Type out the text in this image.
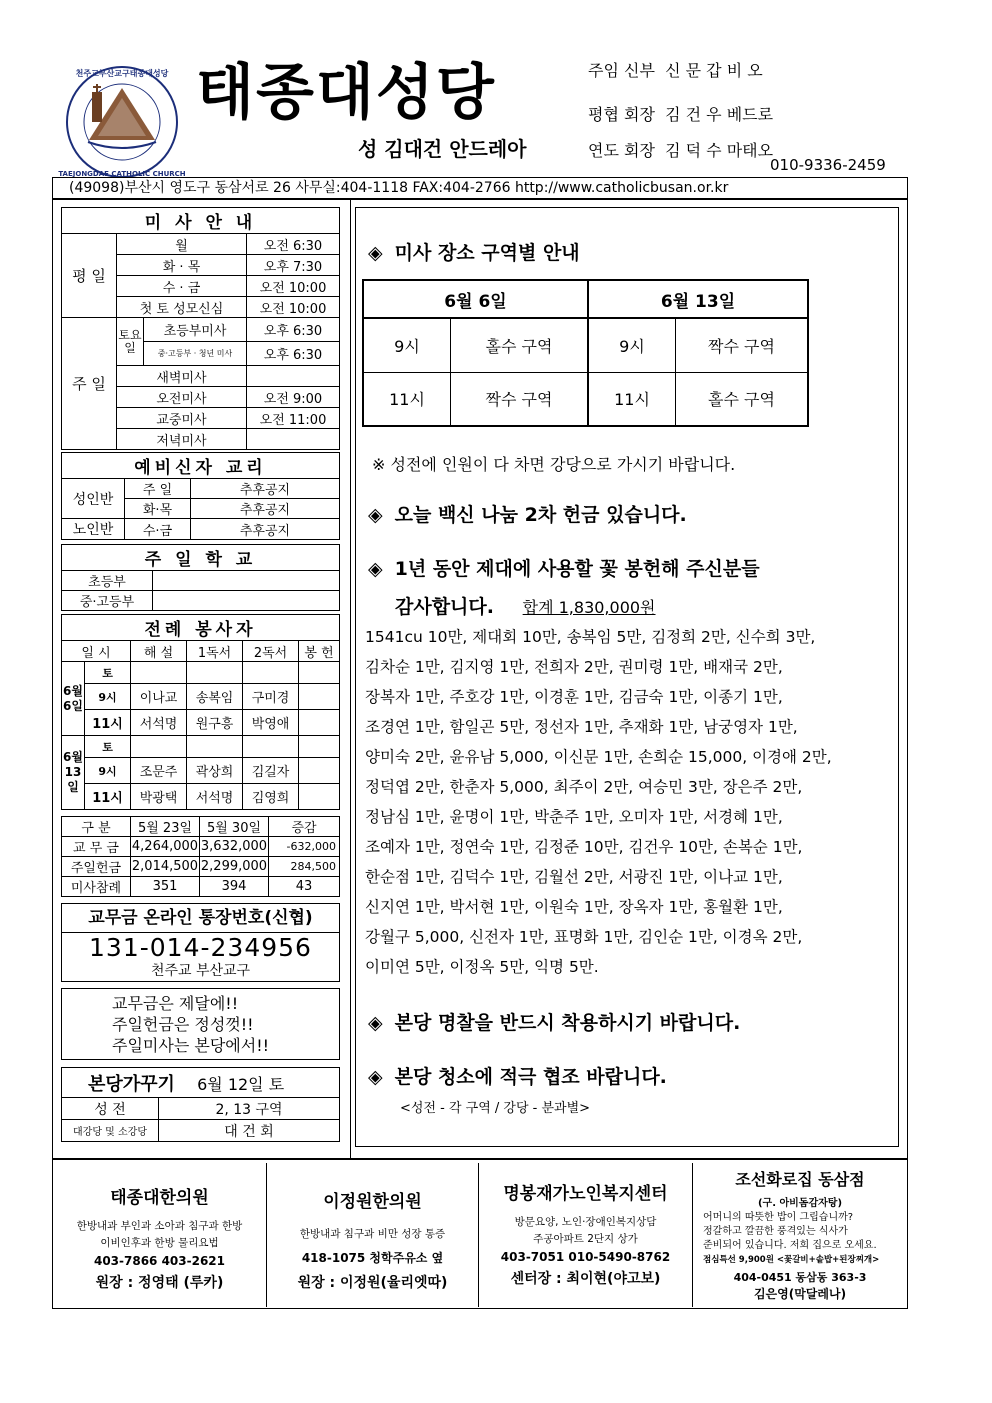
천주교부산교구태종대성당
TAEJONGDAE CATHOLIC CHURCH
태종대성당
성 김대건 안드레아
주임 신부 신 문 갑 비 오
평협 회장 김 건 우 베드로
연도 회장 김 덕 수 마태오
010-9336-2459
(49098)부산시 영도구 동삼서로 26 사무실:404-1118 FAX:404-2766 http://www.catholicbusan.or.kr
미 사 안 내			
평 일	월		오전 6:30
	화 · 목		오후 7:30
	수 · 금		오전 10:00
	첫 토 성모신심		오전 10:00
주 일	토요일	초등부미사	오후 6:30
		중·고등부 · 청년 미사	오후 6:30
	새벽미사		
	오전미사		오전 9:00
	교중미사		오전 11:00
	저녁미사		
예비신자 교리		
성인반	주 일	추후공지
	화·목	추후공지
노인반	수·금	추후공지
주 일 학 교	
초등부	
중·고등부	
전례 봉사자					
일 시		해 설	1독서	2독서	봉 헌
6월6일	토				
	9시	이나교	송복임	구미경	
	11시	서석명	원구흥	박영애	
6월13일	토				
	9시	조문주	곽상희	김길자	
	11시	박광택	서석명	김영희	
구 분	5월 23일	5월 30일	증감
교 무 금	4,264,000	3,632,000	-632,000
주일헌금	2,014,500	2,299,000	284,500
미사참례	351	394	43
교무금 온라인 통장번호(신협)
131-014-234956
천주교 부산교구
교무금은 제달에!!
주일헌금은 정성껏!!
주일미사는 본당에서!!
본당가꾸기 6월 12일 토	
성 전	2, 13 구역
대강당 및 소강당	대 건 회
◈ 미사 장소 구역별 안내
6월 6일		6월 13일	
9시	홀수 구역	9시	짝수 구역
11시	짝수 구역	11시	홀수 구역
※ 성전에 인원이 다 차면 강당으로 가시기 바랍니다.
◈ 오늘 백신 나눔 2차 헌금 있습니다.
◈ 1년 동안 제대에 사용할 꽃 봉헌해 주신분들
감사합니다. 합계 1,830,000원
1541cu 10만, 제대회 10만, 송복임 5만, 김정희 2만, 신수희 3만,
김차순 1만, 김지영 1만, 전희자 2만, 권미령 1만, 배재국 2만,
장복자 1만, 주호강 1만, 이경훈 1만, 김금숙 1만, 이종기 1만,
조경연 1만, 함일곤 5만, 정선자 1만, 추재화 1만, 남궁영자 1만,
양미숙 2만, 윤유남 5,000, 이신문 1만, 손희순 15,000, 이경애 2만,
정덕엽 2만, 한춘자 5,000, 최주이 2만, 여승민 3만, 장은주 2만,
정남심 1만, 윤명이 1만, 박춘주 1만, 오미자 1만, 서경혜 1만,
조예자 1만, 정연숙 1만, 김정준 10만, 김건우 10만, 손복순 1만,
한순점 1만, 김덕수 1만, 김월선 2만, 서광진 1만, 이나교 1만,
신지연 1만, 박서현 1만, 이원숙 1만, 장옥자 1만, 홍월환 1만,
강월구 5,000, 신전자 1만, 표명화 1만, 김인순 1만, 이경옥 2만,
이미연 5만, 이정옥 5만, 익명 5만.
◈ 본당 명찰을 반드시 착용하시기 바랍니다.
◈ 본당 청소에 적극 협조 바랍니다.
<성전 - 각 구역 / 강당 - 분과별>
태종대한의원
한방내과 부인과 소아과 침구과 한방
이비인후과 한방 물리요법
403-7866 403-2621
원장 : 정영태 (루카)
이정원한의원
한방내과 침구과 비만 성장 통증
418-1075 청학주유소 옆
원장 : 이정원(율리엣따)
명봉재가노인복지센터
방문요양, 노인·장애인복지상담
주공아파트 2단지 상가
403-7051 010-5490-8762
센터장 : 최이현(야고보)
조선화로집 동삼점
(구. 아비돔감자탕)
어머니의 따뜻한 밥이 그립습니까?
정갈하고 깔끔한 풍격있는 식사가
준비되어 있습니다. 저희 집으로 오세요.
점심특선 9,900원 <꽃갈비+솥밥+된장찌개>
404-0451 동삼동 363-3
김은영(막달레나)
